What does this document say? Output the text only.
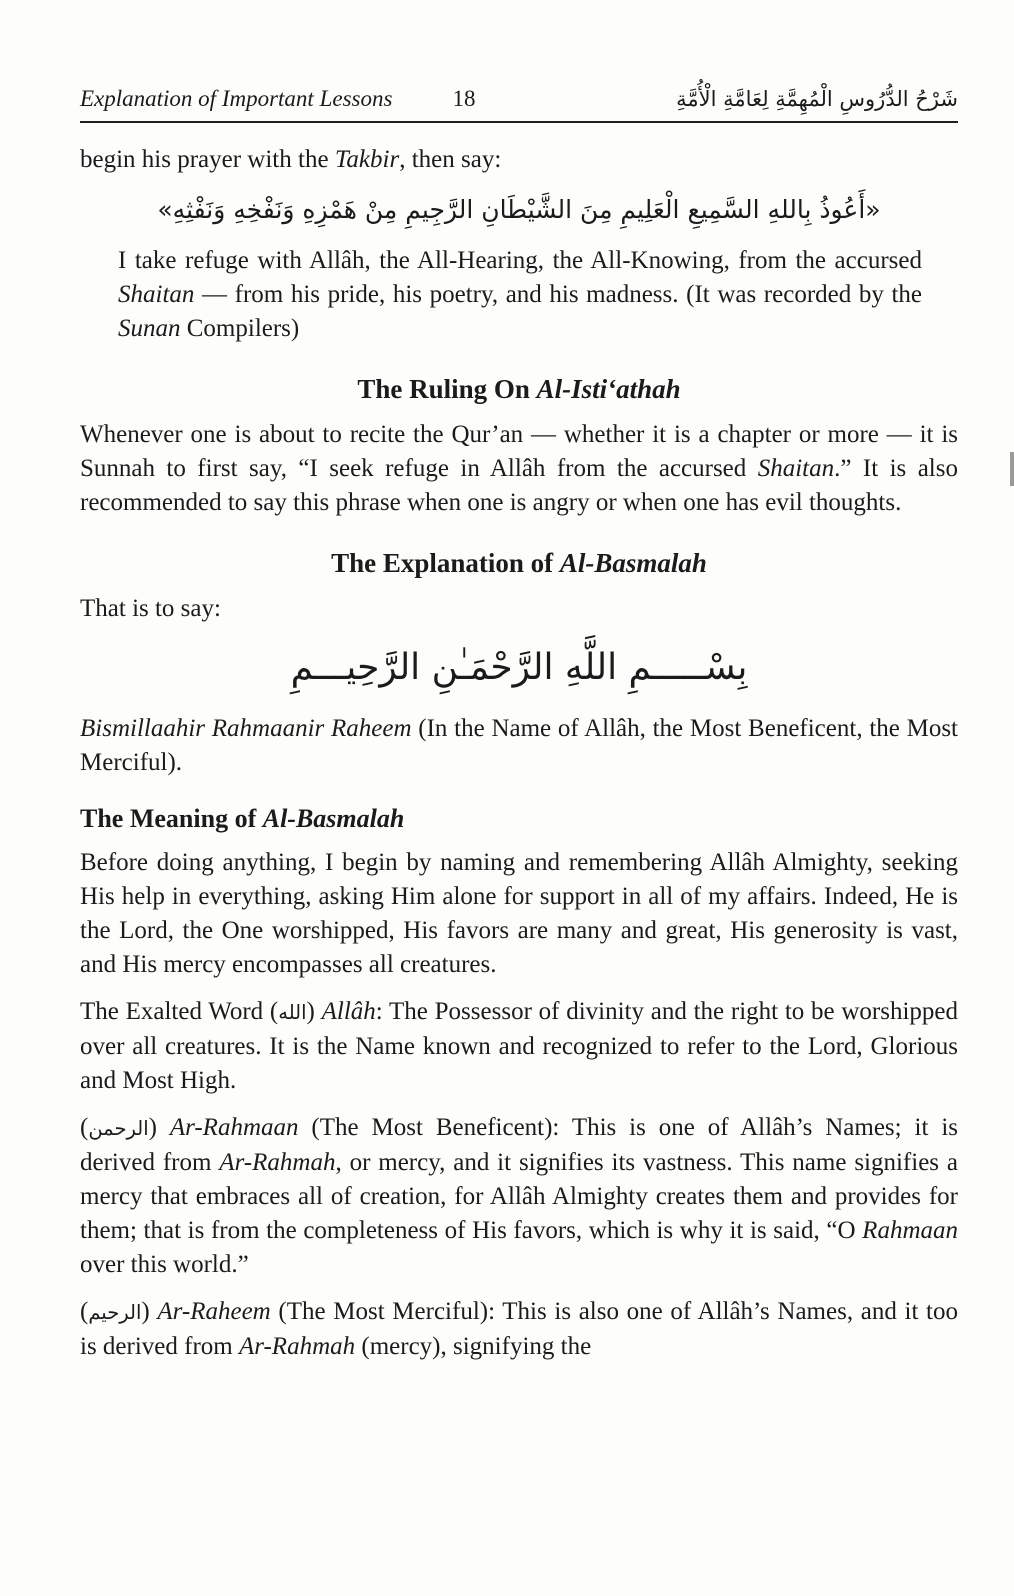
Explanation of Important Lessons	18	شَرْحُ الدُّرُوسِ الْمُهِمَّةِ لِعَامَّةِ الْأُمَّةِ

begin his prayer with the Takbir, then say:

«أَعُوذُ بِاللهِ السَّمِيعِ الْعَلِيمِ مِنَ الشَّيْطَانِ الرَّجِيمِ مِنْ هَمْزِهِ وَنَفْخِهِ وَنَفْثِهِ»

I take refuge with Allâh, the All-Hearing, the All-Knowing, from the accursed Shaitan — from his pride, his poetry, and his madness. (It was recorded by the Sunan Compilers)

The Ruling On Al-Isti‘athah

Whenever one is about to recite the Qur’an — whether it is a chapter or more — it is Sunnah to first say, “I seek refuge in Allâh from the accursed Shaitan.” It is also recommended to say this phrase when one is angry or when one has evil thoughts.

The Explanation of Al-Basmalah

That is to say:

بِسْـــــمِ اللَّهِ الرَّحْمَـٰنِ الرَّحِيـــمِ

Bismillaahir Rahmaanir Raheem (In the Name of Allâh, the Most Beneficent, the Most Merciful).

The Meaning of Al-Basmalah

Before doing anything, I begin by naming and remembering Allâh Almighty, seeking His help in everything, asking Him alone for support in all of my affairs. Indeed, He is the Lord, the One worshipped, His favors are many and great, His generosity is vast, and His mercy encompasses all creatures.

The Exalted Word (الله) Allâh: The Possessor of divinity and the right to be worshipped over all creatures. It is the Name known and recognized to refer to the Lord, Glorious and Most High.

(الرحمن) Ar-Rahmaan (The Most Beneficent): This is one of Allâh’s Names; it is derived from Ar-Rahmah, or mercy, and it signifies its vastness. This name signifies a mercy that embraces all of creation, for Allâh Almighty creates them and provides for them; that is from the completeness of His favors, which is why it is said, “O Rahmaan over this world.”

(الرحيم) Ar-Raheem (The Most Merciful): This is also one of Allâh’s Names, and it too is derived from Ar-Rahmah (mercy), signifying the
